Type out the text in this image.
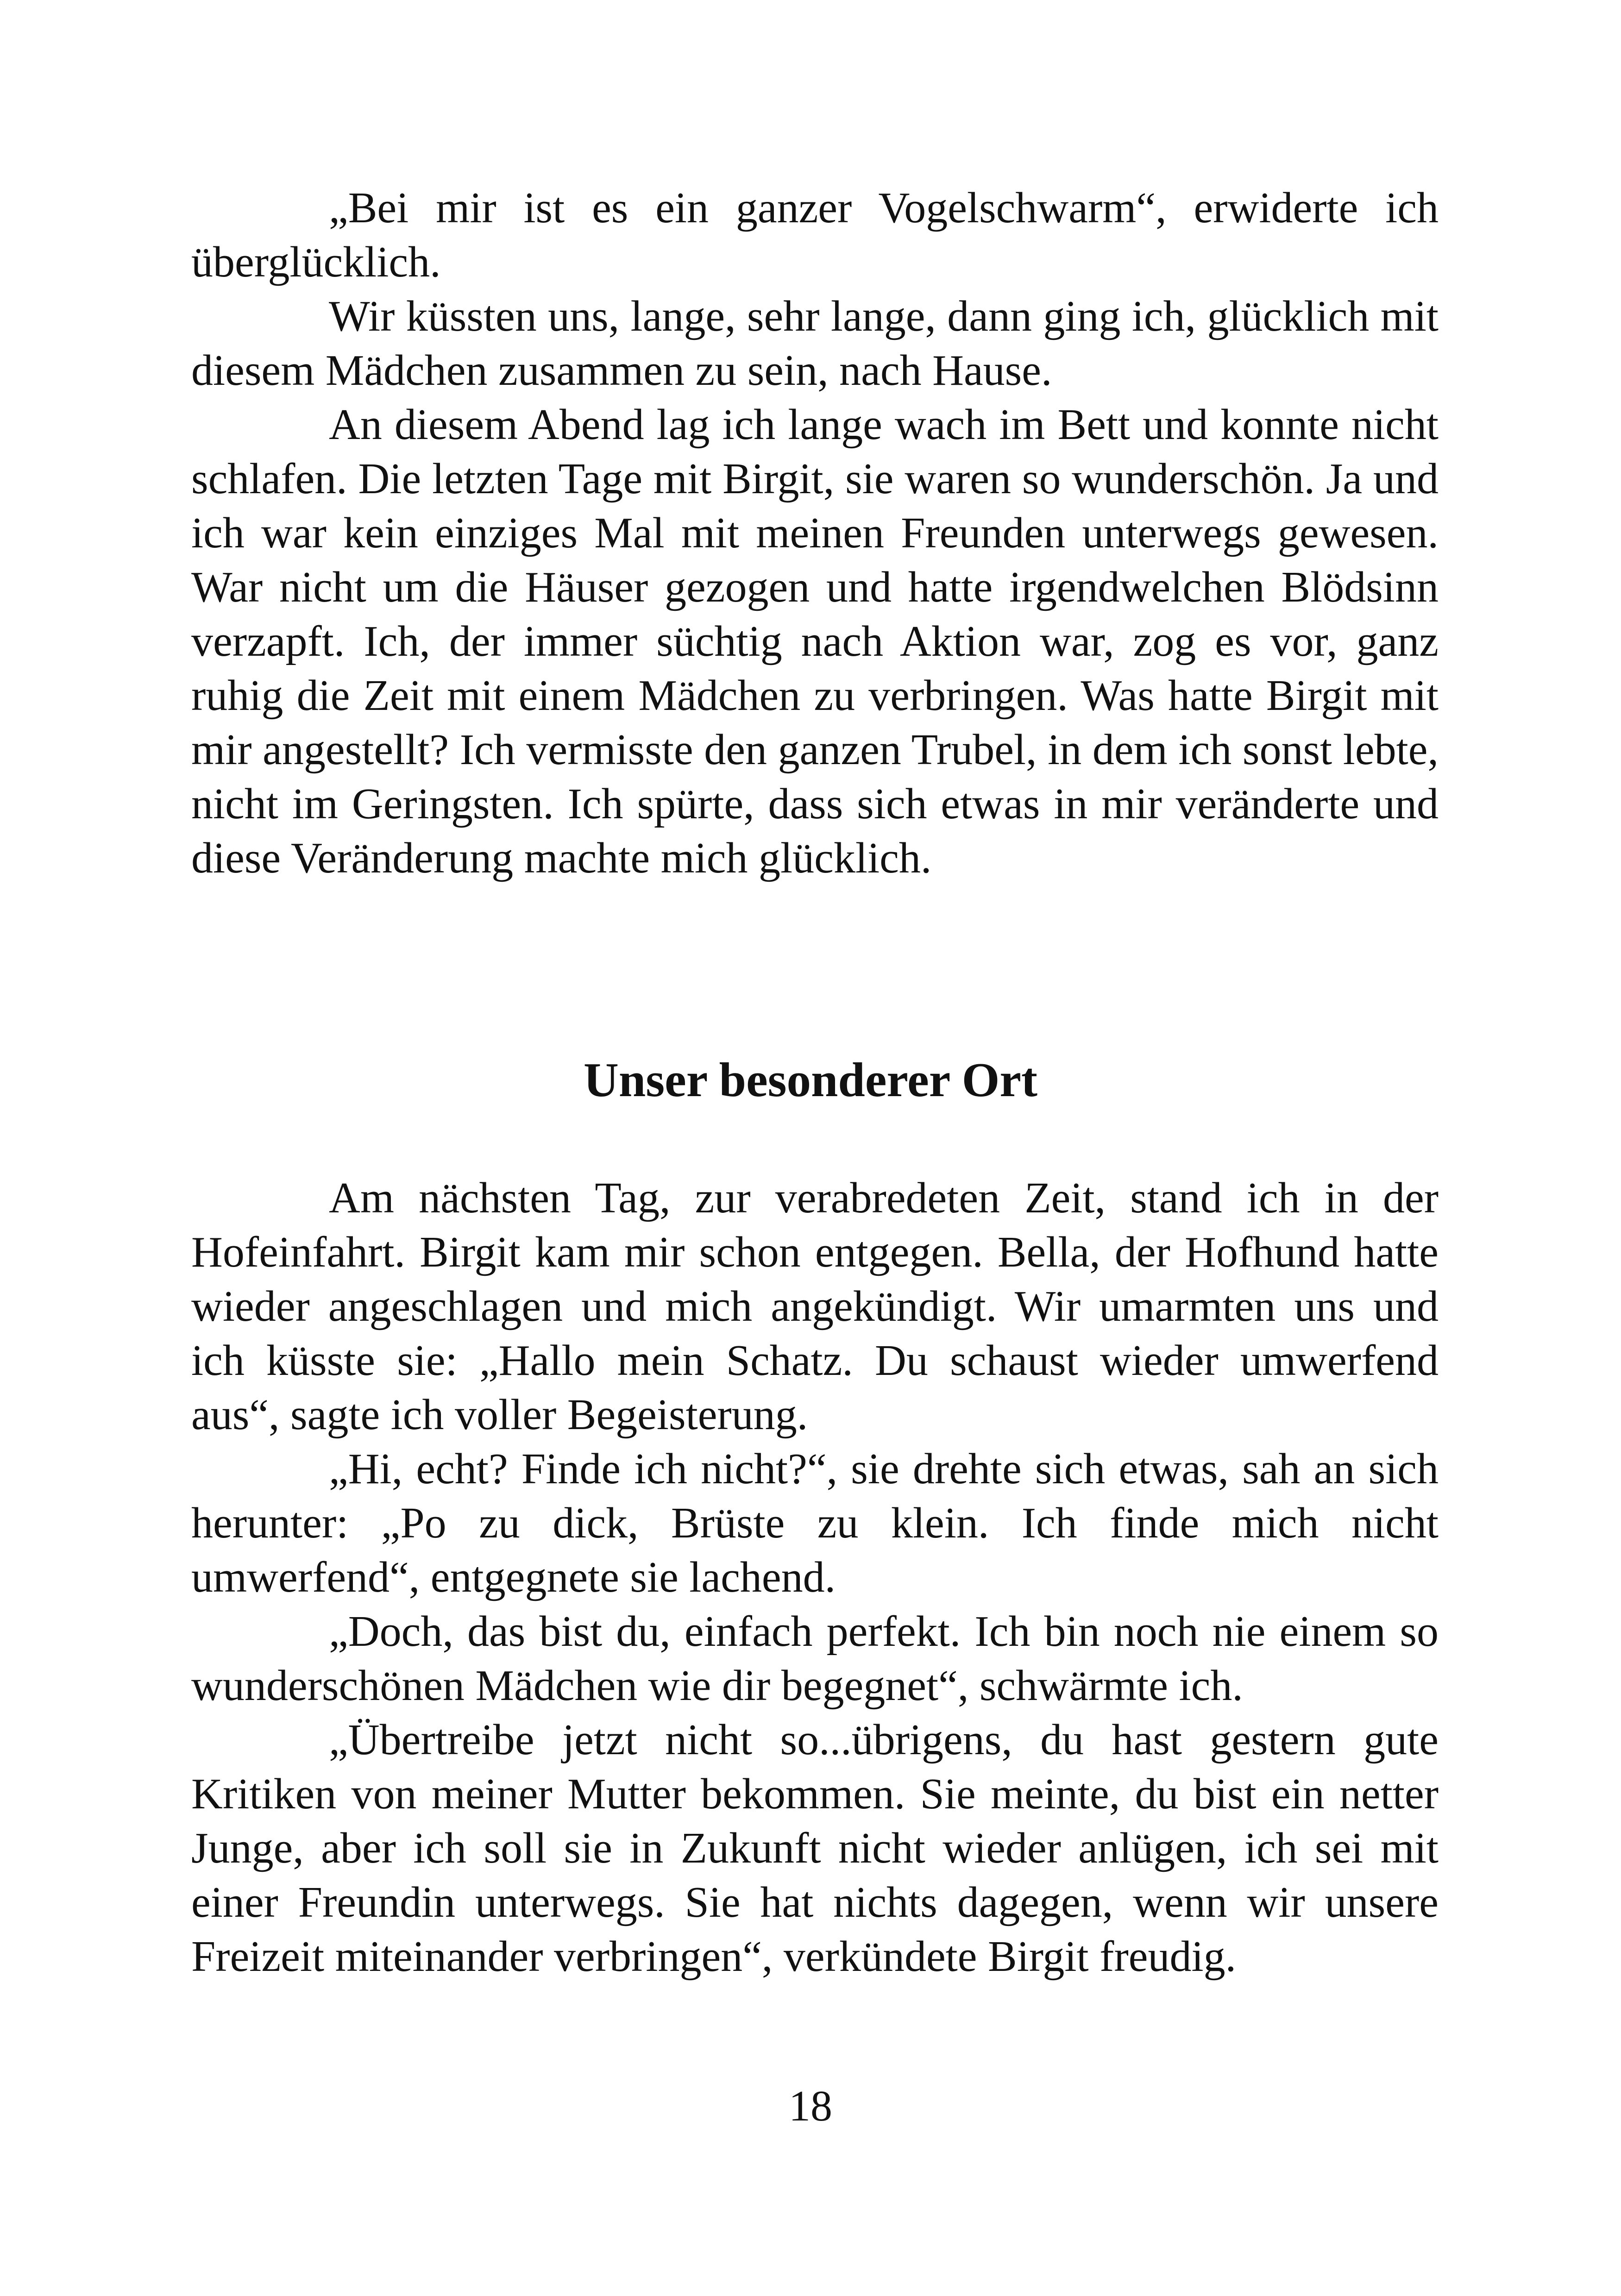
„Bei mir ist es ein ganzer Vogelschwarm“, erwiderte ich überglücklich.

Wir küssten uns, lange, sehr lange, dann ging ich, glücklich mit diesem Mädchen zusammen zu sein, nach Hause.

An diesem Abend lag ich lange wach im Bett und konnte nicht schlafen. Die letzten Tage mit Birgit, sie waren so wunderschön. Ja und ich war kein einziges Mal mit meinen Freunden unterwegs gewesen. War nicht um die Häuser gezogen und hatte irgendwelchen Blödsinn verzapft. Ich, der immer süchtig nach Aktion war, zog es vor, ganz ruhig die Zeit mit einem Mädchen zu verbringen. Was hatte Birgit mit mir angestellt? Ich vermisste den ganzen Trubel, in dem ich sonst lebte, nicht im Geringsten. Ich spürte, dass sich etwas in mir veränderte und diese Veränderung machte mich glücklich.

Unser besonderer Ort

Am nächsten Tag, zur verabredeten Zeit, stand ich in der Hofeinfahrt. Birgit kam mir schon entgegen. Bella, der Hofhund hatte wieder angeschlagen und mich angekündigt. Wir umarmten uns und ich küsste sie: „Hallo mein Schatz. Du schaust wieder umwerfend aus“, sagte ich voller Begeisterung.

„Hi, echt? Finde ich nicht?“, sie drehte sich etwas, sah an sich herunter: „Po zu dick, Brüste zu klein. Ich finde mich nicht umwerfend“, entgegnete sie lachend.

„Doch, das bist du, einfach perfekt. Ich bin noch nie einem so wunderschönen Mädchen wie dir begegnet“, schwärmte ich.

„Übertreibe jetzt nicht so...übrigens, du hast gestern gute Kritiken von meiner Mutter bekommen. Sie meinte, du bist ein netter Junge, aber ich soll sie in Zukunft nicht wieder anlügen, ich sei mit einer Freundin unterwegs. Sie hat nichts dagegen, wenn wir unsere Freizeit miteinander verbringen“, verkündete Birgit freudig.

18
